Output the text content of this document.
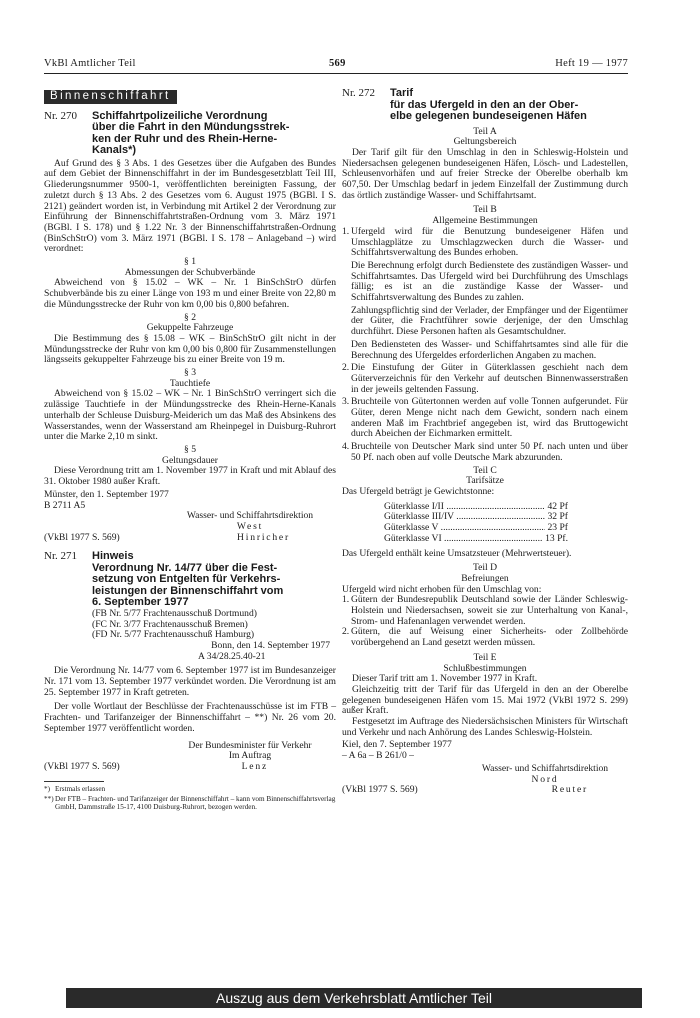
VkBl Amtlicher Teil	569	Heft 19 — 1977
Binnenschiffahrt
Nr. 270	Schiffahrtpolizeiliche Verordnung
über die Fahrt in den Mündungsstrek-
ken der Ruhr und des Rhein-Herne-
Kanals*)

Auf Grund des § 3 Abs. 1 des Gesetzes über die Aufgaben des Bundes auf dem Gebiet der Binnenschiffahrt in der im Bundesgesetzblatt Teil III, Gliederungsnummer 9500-1, veröffentlichten bereinigten Fassung, der zuletzt durch § 13 Abs. 2 des Gesetzes vom 6. August 1975 (BGBl. I S. 2121) geändert worden ist, in Verbindung mit Artikel 2 der Verordnung zur Einführung der Binnenschiffahrtstraßen-Ordnung vom 3. März 1971 (BGBl. I S. 178) und § 1.22 Nr. 3 der Binnenschiffahrtstraßen-Ordnung (BinSchStrO) vom 3. März 1971 (BGBl. I S. 178 – Anlageband –) wird verordnet:

§ 1

Abmessungen der Schubverbände

Abweichend von § 15.02 – WK – Nr. 1 BinSchStrO dürfen Schubverbände bis zu einer Länge von 193 m und einer Breite von 22,80 m die Mündungsstrecke der Ruhr von km 0,00 bis 0,800 befahren.

§ 2

Gekuppelte Fahrzeuge

Die Bestimmung des § 15.08 – WK – BinSchStrO gilt nicht in der Mündungsstrecke der Ruhr von km 0,00 bis 0,800 für Zusammenstellungen längsseits gekuppelter Fahrzeuge bis zu einer Breite von 19 m.

§ 3

Tauchtiefe

Abweichend von § 15.02 – WK – Nr. 1 BinSchStrO verringert sich die zulässige Tauchtiefe in der Mündungsstrecke des Rhein-Herne-Kanals unterhalb der Schleuse Duisburg-Meiderich um das Maß des Absinkens des Wasserstandes, wenn der Wasserstand am Rheinpegel in Duisburg-Ruhrort unter die Marke 2,10 m sinkt.

§ 5

Geltungsdauer

Diese Verordnung tritt am 1. November 1977 in Kraft und mit Ablauf des 31. Oktober 1980 außer Kraft.

Münster, den 1. September 1977

B 2711 A5

Wasser- und Schiffahrtsdirektion

West

(VkBl 1977 S. 569)	Hinricher
Nr. 271	Hinweis
Verordnung Nr. 14/77 über die Fest-
setzung von Entgelten für Verkehrs-
leistungen der Binnenschiffahrt vom
6. September 1977

(FB Nr. 5/77 Frachtenausschuß Dortmund)

(FC Nr. 3/77 Frachtenausschuß Bremen)

(FD Nr. 5/77 Frachtenausschuß Hamburg)

Bonn, den 14. September 1977

A 34/28.25.40-21

Die Verordnung Nr. 14/77 vom 6. September 1977 ist im Bundesanzeiger Nr. 171 vom 13. September 1977 verkündet worden. Die Verordnung ist am 25. September 1977 in Kraft getreten.

Der volle Wortlaut der Beschlüsse der Frachtenausschüsse ist im FTB – Frachten- und Tarifanzeiger der Binnenschiffahrt – **) Nr. 26 vom 20. September 1977 veröffentlicht worden.

Der Bundesminister für Verkehr

Im Auftrag

(VkBl 1977 S. 569)	Lenz
*) Erstmals erlassen
**) Der FTB – Frachten- und Tarifanzeiger der Binnenschiffahrt – kann vom Binnenschiffahrtsverlag GmbH, Dammstraße 15-17, 4100 Duisburg-Ruhrort, bezogen werden.
Nr. 272	Tarif
für das Ufergeld in den an der Ober-
elbe gelegenen bundeseigenen Häfen

Teil A

Geltungsbereich

Der Tarif gilt für den Umschlag in den in Schleswig-Holstein und Niedersachsen gelegenen bundeseigenen Häfen, Lösch- und Ladestellen, Schleusenvorhäfen und auf freier Strecke der Oberelbe oberhalb km 607,50. Der Umschlag bedarf in jedem Einzelfall der Zustimmung durch das örtlich zuständige Wasser- und Schiffahrtsamt.

Teil B

Allgemeine Bestimmungen

1. Ufergeld wird für die Benutzung bundeseigener Häfen und Umschlagplätze zu Umschlagzwecken durch die Wasser- und Schiffahrtsverwaltung des Bundes erhoben.

Die Berechnung erfolgt durch Bedienstete des zuständigen Wasser- und Schiffahrtsamtes. Das Ufergeld wird bei Durchführung des Umschlags fällig; es ist an die zuständige Kasse der Wasser- und Schiffahrtsverwaltung des Bundes zu zahlen.

Zahlungspflichtig sind der Verlader, der Empfänger und der Eigentümer der Güter, die Frachtführer sowie derjenige, der den Umschlag durchführt. Diese Personen haften als Gesamtschuldner.

Den Bediensteten des Wasser- und Schiffahrtsamtes sind alle für die Berechnung des Ufergeldes erforderlichen Angaben zu machen.

2. Die Einstufung der Güter in Güterklassen geschieht nach dem Güterverzeichnis für den Verkehr auf deutschen Binnenwasserstraßen in der jeweils geltenden Fassung.
3. Bruchteile von Gütertonnen werden auf volle Tonnen aufgerundet. Für Güter, deren Menge nicht nach dem Gewicht, sondern nach einem anderen Maß im Frachtbrief angegeben ist, wird das Bruttogewicht durch Abeichen der Eichmarken ermittelt.
4. Bruchteile von Deutscher Mark sind unter 50 Pf. nach unten und über 50 Pf. nach oben auf volle Deutsche Mark abzurunden.

Teil C

Tarifsätze

Das Ufergeld beträgt je Gewichtstonne:

Güterklasse I/II .....	42 Pf
Güterklasse III/IV .....	32 Pf
Güterklasse V .....	23 Pf
Güterklasse VI .....	13 Pf.

Das Ufergeld enthält keine Umsatzsteuer (Mehrwertsteuer).

Teil D

Befreiungen

Ufergeld wird nicht erhoben für den Umschlag von:

1. Gütern der Bundesrepublik Deutschland sowie der Länder Schleswig-Holstein und Niedersachsen, soweit sie zur Unterhaltung von Kanal-, Strom- und Hafenanlagen verwendet werden.
2. Gütern, die auf Weisung einer Sicherheits- oder Zollbehörde vorübergehend an Land gesetzt werden müssen.

Teil E

Schlußbestimmungen

Dieser Tarif tritt am 1. November 1977 in Kraft.

Gleichzeitig tritt der Tarif für das Ufergeld in den an der Oberelbe gelegenen bundeseigenen Häfen vom 15. Mai 1972 (VkBl 1972 S. 299) außer Kraft.

Festgesetzt im Auftrage des Niedersächsischen Ministers für Wirtschaft und Verkehr und nach Anhörung des Landes Schleswig-Holstein.

Kiel, den 7. September 1977

– A 6a – B 261/0 –

Wasser- und Schiffahrtsdirektion

Nord

(VkBl 1977 S. 569)	Reuter
Auszug aus dem Verkehrsblatt Amtlicher Teil
